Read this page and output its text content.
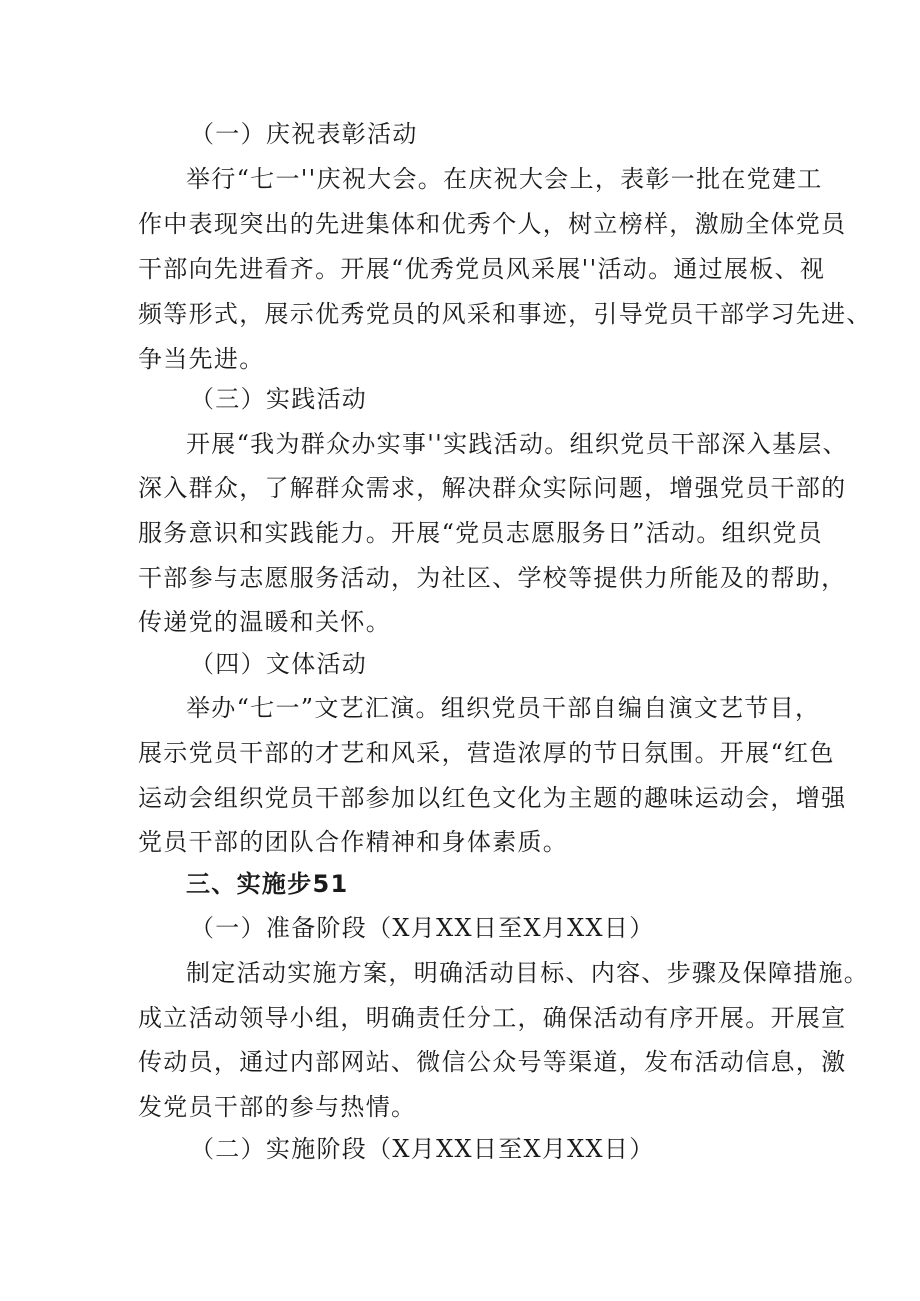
（一）庆祝表彰活动
举行“七一''庆祝大会。在庆祝大会上，表彰一批在党建工
作中表现突出的先进集体和优秀个人，树立榜样，激励全体党员
干部向先进看齐。开展“优秀党员风采展''活动。通过展板、视
频等形式，展示优秀党员的风采和事迹，引导党员干部学习先进、
争当先进。
（三）实践活动
开展“我为群众办实事''实践活动。组织党员干部深入基层、
深入群众，了解群众需求，解决群众实际问题，增强党员干部的
服务意识和实践能力。开展“党员志愿服务日”活动。组织党员
干部参与志愿服务活动，为社区、学校等提供力所能及的帮助，
传递党的温暖和关怀。
（四）文体活动
举办“七一”文艺汇演。组织党员干部自编自演文艺节目，
展示党员干部的才艺和风采，营造浓厚的节日氛围。开展“红色
运动会组织党员干部参加以红色文化为主题的趣味运动会，增强
党员干部的团队合作精神和身体素质。
三、实施步51
（一）准备阶段（X月XX日至X月XX日）
制定活动实施方案，明确活动目标、内容、步骤及保障措施。
成立活动领导小组，明确责任分工，确保活动有序开展。开展宣
传动员，通过内部网站、微信公众号等渠道，发布活动信息，激
发党员干部的参与热情。
（二）实施阶段（X月XX日至X月XX日）
